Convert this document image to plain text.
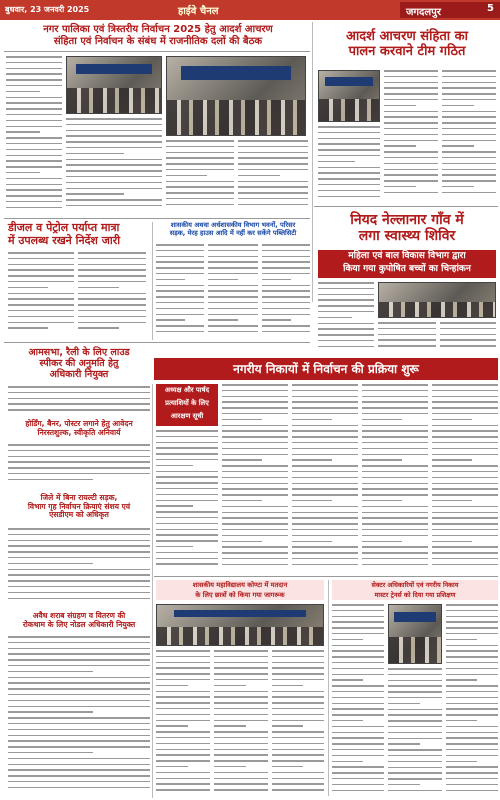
बुधवार, 23 जनवरी 2025	हाईवे चैनल	जगदलपुर	5
नगर पालिका एवं त्रिस्तरीय निर्वाचन 2025 हेतु आदर्श आचरण
संहिता एवं निर्वाचन के संबंध में राजनीतिक दलों की बैठक	आदर्श आचरण संहिता का
पालन करवाने टीम गठित
डीजल व पेट्रोल पर्याप्त मात्रा
में उपलब्ध रखने निर्देश जारी
शासकीय अथवा अर्धशासकीय विभाग भवनों, परिसर
सड़क, मेरह हाउस आदि में नहीं कर सकेंगे पब्लिसिटी
नियद नेल्लानार गाँव में
लगा स्वास्थ्य शिविर
महिला एवं बाल विकास विभाग द्वारा
किया गया कुपोषित बच्चों का चिन्हांकन
आमसभा, रैली के लिए लाउड
स्पीकर की अनुमति हेतु
अधिकारी नियुक्त	नगरीय निकायों में निर्वाचन की प्रक्रिया शुरू
होर्डिंग, बैनर, पोस्टर लगाने हेतु आवेदन
निरस्तशुल्क, स्वीकृति अनिवार्य
जिले में बिना रायल्टी सड़क,
विभाग गृह निर्वाचन क्रियाएं संशय एवं
एसडीएम को अधिकृत
अवैध शराब संग्रहण व वितरण की
रोकथाम के लिए नोडल अधिकारी नियुक्त
अध्यक्ष और पार्षद
प्रत्याशियों के लिए
आरक्षण सूची
शासकीय महाविद्यालय कोण्टा में मतदान
के लिए छात्रों को किया गया जागरूक
सेक्टर अधिकारियों एवं नगरीय निकाय
मास्टर ट्रेनर्स को दिया गया प्रशिक्षण
